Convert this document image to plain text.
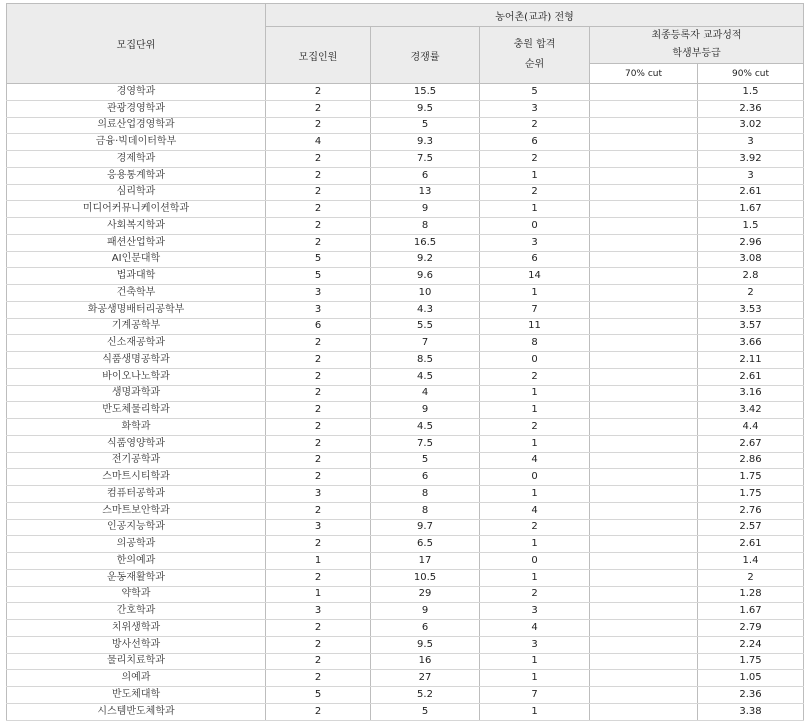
모집단위	농어촌(교과) 전형				
	모집인원	경쟁률	충원 합격
순위	최종등록자 교과성적
학생부등급	
				70% cut	90% cut
경영학과	2	15.5	5		1.5
관광경영학과	2	9.5	3		2.36
의료산업경영학과	2	5	2		3.02
금융·빅데이터학부	4	9.3	6		3
경제학과	2	7.5	2		3.92
응용통계학과	2	6	1		3
심리학과	2	13	2		2.61
미디어커뮤니케이션학과	2	9	1		1.67
사회복지학과	2	8	0		1.5
패션산업학과	2	16.5	3		2.96
AI인문대학	5	9.2	6		3.08
법과대학	5	9.6	14		2.8
건축학부	3	10	1		2
화공생명배터리공학부	3	4.3	7		3.53
기계공학부	6	5.5	11		3.57
신소재공학과	2	7	8		3.66
식품생명공학과	2	8.5	0		2.11
바이오나노학과	2	4.5	2		2.61
생명과학과	2	4	1		3.16
반도체물리학과	2	9	1		3.42
화학과	2	4.5	2		4.4
식품영양학과	2	7.5	1		2.67
전기공학과	2	5	4		2.86
스마트시티학과	2	6	0		1.75
컴퓨터공학과	3	8	1		1.75
스마트보안학과	2	8	4		2.76
인공지능학과	3	9.7	2		2.57
의공학과	2	6.5	1		2.61
한의예과	1	17	0		1.4
운동재활학과	2	10.5	1		2
약학과	1	29	2		1.28
간호학과	3	9	3		1.67
치위생학과	2	6	4		2.79
방사선학과	2	9.5	3		2.24
물리치료학과	2	16	1		1.75
의예과	2	27	1		1.05
반도체대학	5	5.2	7		2.36
시스템반도체학과	2	5	1		3.38
